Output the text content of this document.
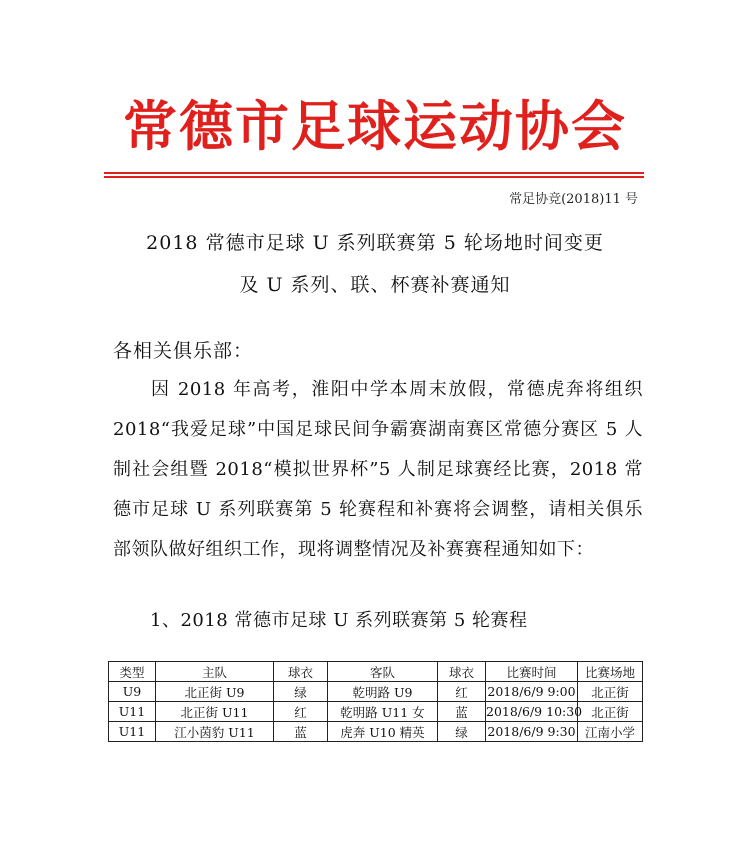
常德市足球运动协会
常足协竞(2018)11 号
2018 常德市足球 U 系列联赛第 5 轮场地时间变更
及 U 系列、联、杯赛补赛通知
各相关俱乐部：
因 2018 年高考，淮阳中学本周末放假，常德虎奔将组织 2018“我爱足球”中国足球民间争霸赛湖南赛区常德分赛区 5 人制社会组暨 2018“模拟世界杯”5 人制足球赛经比赛，2018 常德市足球 U 系列联赛第 5 轮赛程和补赛将会调整，请相关俱乐部领队做好组织工作，现将调整情况及补赛赛程通知如下：
1、2018 常德市足球 U 系列联赛第 5 轮赛程
类型	主队	球衣	客队	球衣	比赛时间	比赛场地
U9	北正街 U9	绿	乾明路 U9	红	2018/6/9 9:00	北正街
U11	北正街 U11	红	乾明路 U11 女	蓝	2018/6/9 10:30	北正街
U11	江小茵豹 U11	蓝	虎奔 U10 精英	绿	2018/6/9 9:30	江南小学
